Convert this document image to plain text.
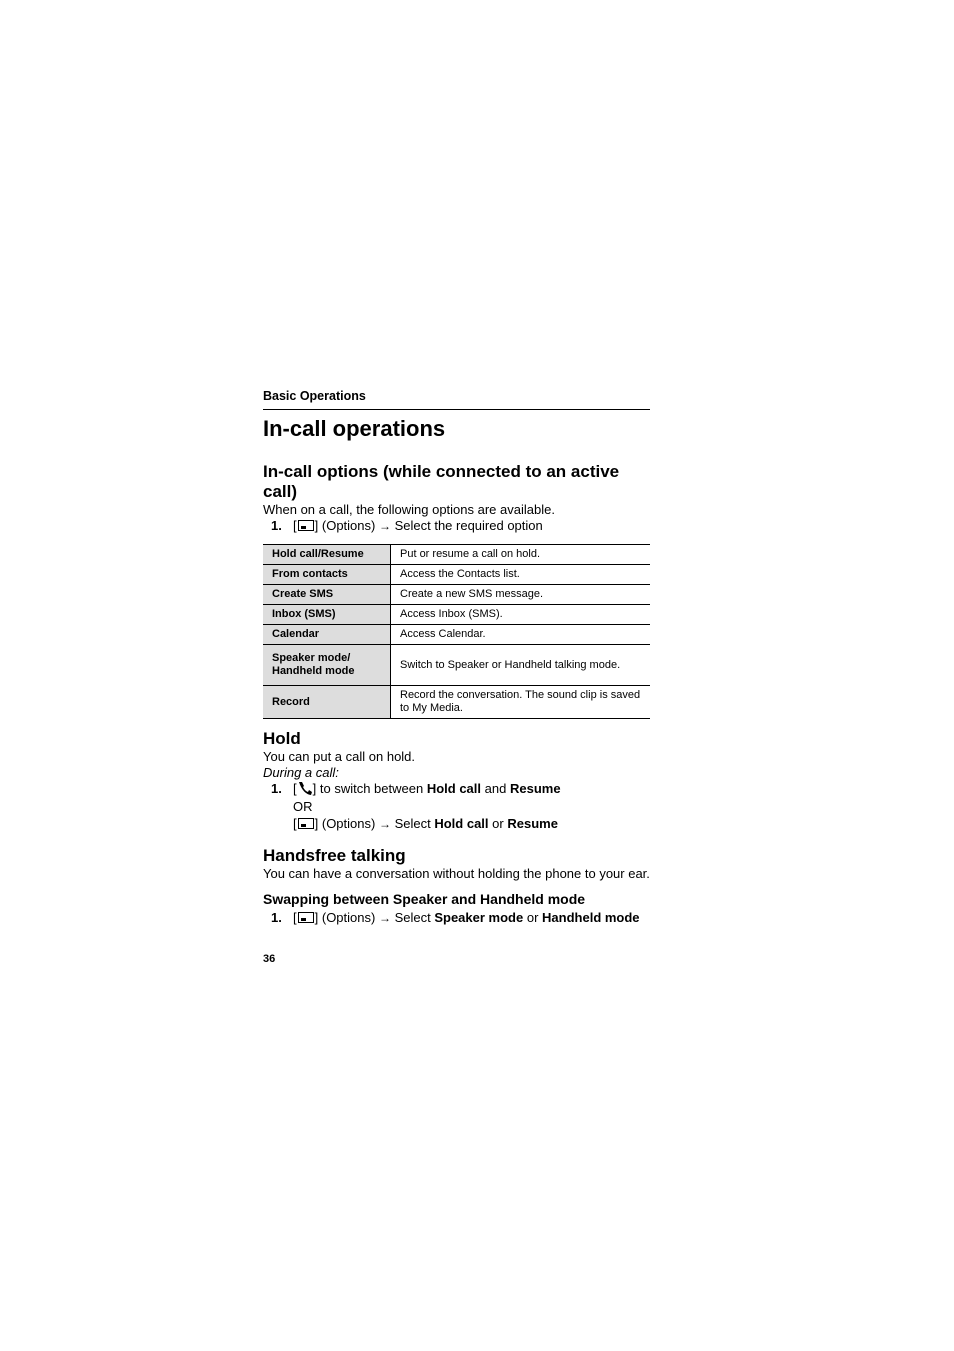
Basic Operations
In-call operations
In-call options (while connected to an active call)

When on a call, the following options are available.

1. [ ] (Options) → Select the required option
Hold call/Resume	Put or resume a call on hold.
From contacts	Access the Contacts list.
Create SMS	Create a new SMS message.
Inbox (SMS)	Access Inbox (SMS).
Calendar	Access Calendar.
Speaker mode/ Handheld mode	Switch to Speaker or Handheld talking mode.
Record	Record the conversation. The sound clip is saved to My Media.
Hold

You can put a call on hold.

During a call:

1. [ ] to switch between Hold call and Resume
OR
[ ] (Options) → Select Hold call or Resume
Handsfree talking

You can have a conversation without holding the phone to your ear.

Swapping between Speaker and Handheld mode
1. [ ] (Options) → Select Speaker mode or Handheld mode
36
